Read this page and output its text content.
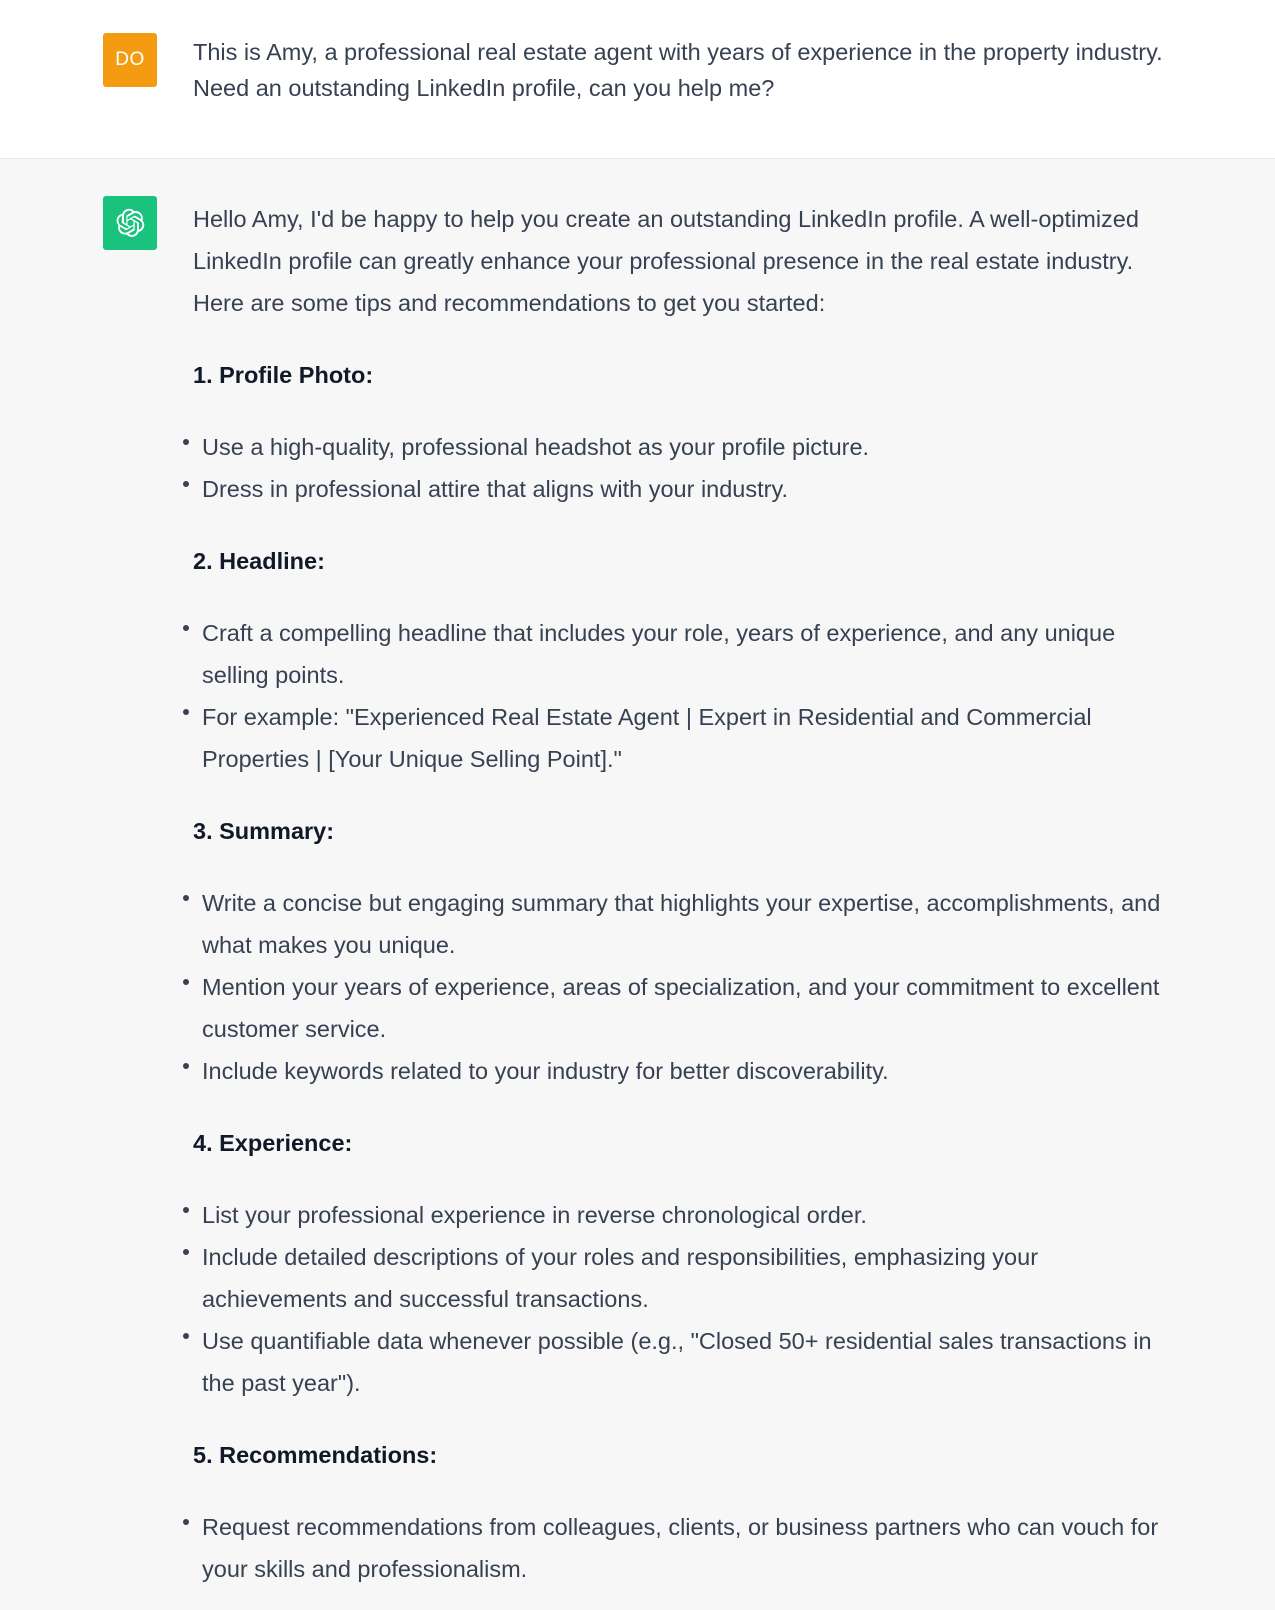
DO This is Amy, a professional real estate agent with years of experience in the property industry. Need an outstanding LinkedIn profile, can you help me?

Hello Amy, I'd be happy to help you create an outstanding LinkedIn profile. A well-optimized LinkedIn profile can greatly enhance your professional presence in the real estate industry. Here are some tips and recommendations to get you started:

1. Profile Photo:

Use a high-quality, professional headshot as your profile picture.
Dress in professional attire that aligns with your industry.

2. Headline:

Craft a compelling headline that includes your role, years of experience, and any unique selling points.
For example: "Experienced Real Estate Agent | Expert in Residential and Commercial Properties | [Your Unique Selling Point]."

3. Summary:

Write a concise but engaging summary that highlights your expertise, accomplishments, and what makes you unique.
Mention your years of experience, areas of specialization, and your commitment to excellent customer service.
Include keywords related to your industry for better discoverability.

4. Experience:

List your professional experience in reverse chronological order.
Include detailed descriptions of your roles and responsibilities, emphasizing your achievements and successful transactions.
Use quantifiable data whenever possible (e.g., "Closed 50+ residential sales transactions in the past year").

5. Recommendations:

Request recommendations from colleagues, clients, or business partners who can vouch for your skills and professionalism.
